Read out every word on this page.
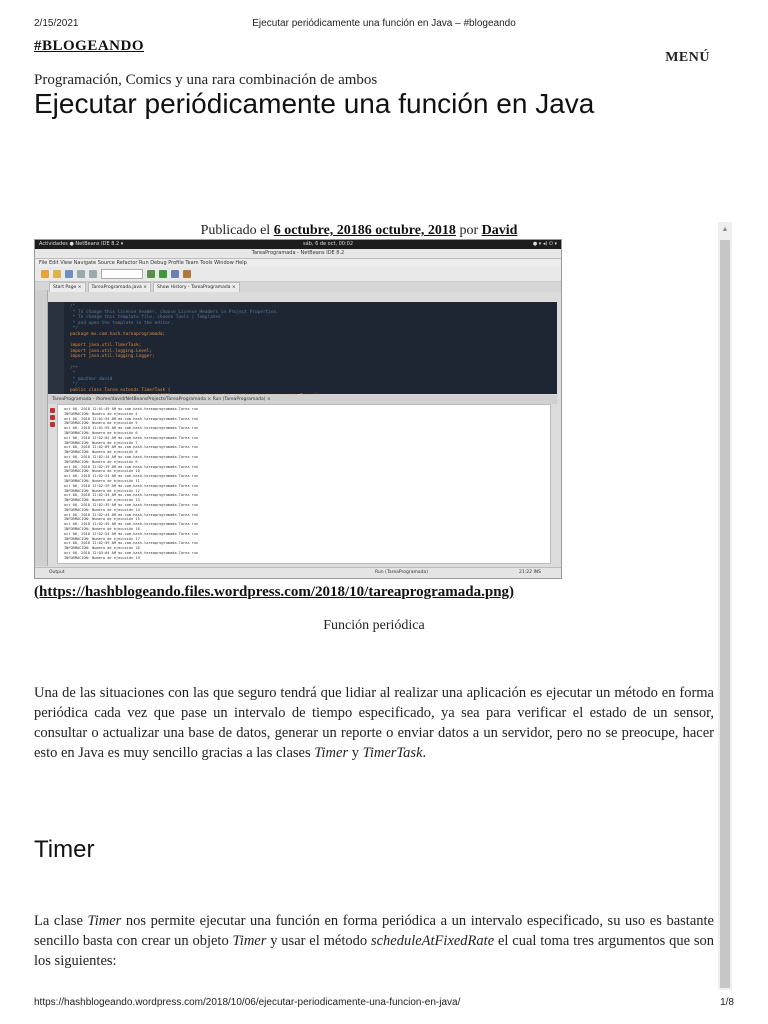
2/15/2021	Ejecutar periódicamente una función en Java – #blogeando
#BLOGEANDO
MENÚ
Programación, Comics y una rara combinación de ambos
Ejecutar periódicamente una función en Java
Publicado el 6 octubre, 20186 octubre, 2018 por David
Actividades ● NetBeans IDE 8.2 ▾	sáb, 6 de oct, 00:02	● ▾ ◂) ⏻ ▾
TareaProgramada - NetBeans IDE 8.2
File Edit View Navigate Source Refactor Run Debug Profile Team Tools Window Help
Start Page ×	TareaProgramada.java ×	Show History - TareaProgramada ×
/*
* To change this license header, choose License Headers in Project Properties.
* To change this template file, choose Tools | Templates
* and open the template in the editor.
*/
package mx.com.hash.tareaprogramada;

import java.util.TimerTask;
import java.util.logging.Level;
import java.util.logging.Logger;

/**
*
* @author david
*/
public class Tarea extends TimerTask {
TareaProgramada - /home/david/NetBeansProjects/TareaProgramada × Run (TareaProgramada) ×
oct 06, 2018 12:01:49 AM mx.com.hash.tareaprogramada.Tarea run
INFORMACIÓN: Numero de ejecución 4
oct 06, 2018 12:01:54 AM mx.com.hash.tareaprogramada.Tarea run
INFORMACIÓN: Numero de ejecución 5
oct 06, 2018 12:01:59 AM mx.com.hash.tareaprogramada.Tarea run
INFORMACIÓN: Numero de ejecución 6
oct 06, 2018 12:02:04 AM mx.com.hash.tareaprogramada.Tarea run
INFORMACIÓN: Numero de ejecución 7
oct 06, 2018 12:02:09 AM mx.com.hash.tareaprogramada.Tarea run
INFORMACIÓN: Numero de ejecución 8
oct 06, 2018 12:02:14 AM mx.com.hash.tareaprogramada.Tarea run
INFORMACIÓN: Numero de ejecución 9
oct 06, 2018 12:02:19 AM mx.com.hash.tareaprogramada.Tarea run
INFORMACIÓN: Numero de ejecución 10
oct 06, 2018 12:02:24 AM mx.com.hash.tareaprogramada.Tarea run
INFORMACIÓN: Numero de ejecución 11
oct 06, 2018 12:02:29 AM mx.com.hash.tareaprogramada.Tarea run
INFORMACIÓN: Numero de ejecución 12
oct 06, 2018 12:02:34 AM mx.com.hash.tareaprogramada.Tarea run
INFORMACIÓN: Numero de ejecución 13
oct 06, 2018 12:02:39 AM mx.com.hash.tareaprogramada.Tarea run
INFORMACIÓN: Numero de ejecución 14
oct 06, 2018 12:02:44 AM mx.com.hash.tareaprogramada.Tarea run
INFORMACIÓN: Numero de ejecución 15
oct 06, 2018 12:02:49 AM mx.com.hash.tareaprogramada.Tarea run
INFORMACIÓN: Numero de ejecución 16
oct 06, 2018 12:02:54 AM mx.com.hash.tareaprogramada.Tarea run
INFORMACIÓN: Numero de ejecución 17
oct 06, 2018 12:02:59 AM mx.com.hash.tareaprogramada.Tarea run
INFORMACIÓN: Numero de ejecución 18
oct 06, 2018 12:03:04 AM mx.com.hash.tareaprogramada.Tarea run
INFORMACIÓN: Numero de ejecución 19
Output	Run (TareaProgramada)	21:22 INS
(https://hashblogeando.files.wordpress.com/2018/10/tareaprogramada.png)
Función periódica

Una de las situaciones con las que seguro tendrá que lidiar al realizar una aplicación es ejecutar un método en forma periódica cada vez que pase un intervalo de tiempo especificado, ya sea para verificar el estado de un sensor, consultar o actualizar una base de datos, generar un reporte o enviar datos a un servidor, pero no se preocupe, hacer esto en Java es muy sencillo gracias a las clases Timer y TimerTask.

Timer

La clase Timer nos permite ejecutar una función en forma periódica a un intervalo especificado, su uso es bastante sencillo basta con crear un objeto Timer y usar el método scheduleAtFixedRate el cual toma tres argumentos que son los siguientes:

▲
https://hashblogeando.wordpress.com/2018/10/06/ejecutar-periodicamente-una-funcion-en-java/	1/8
